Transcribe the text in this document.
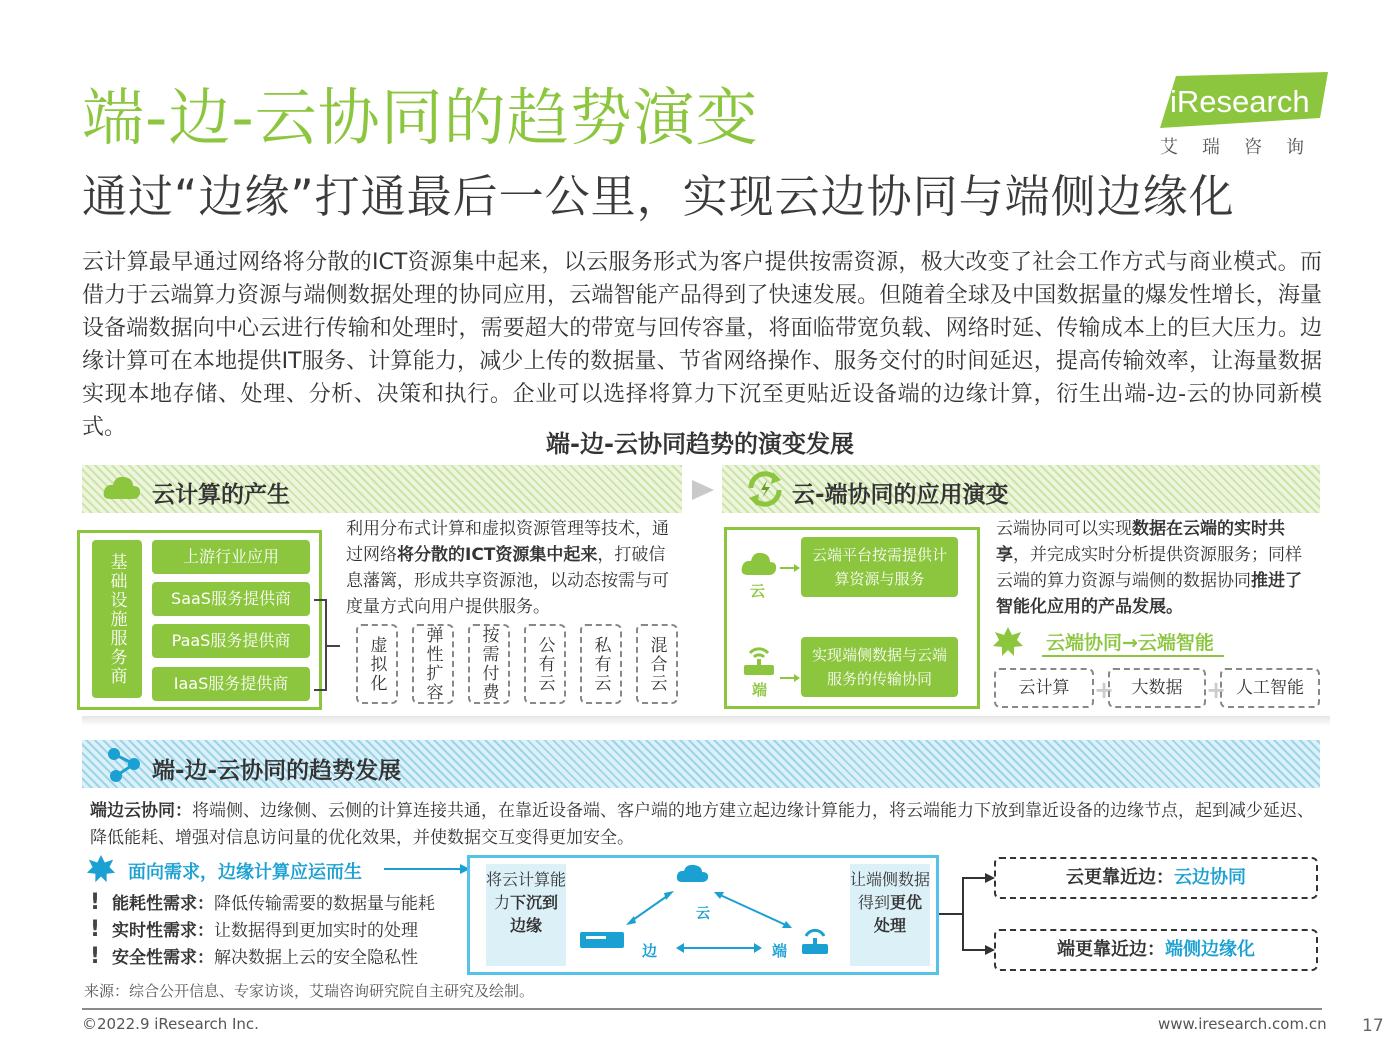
端-边-云协同的趋势演变
通过“边缘”打通最后一公里，实现云边协同与端侧边缘化
iResearch
艾瑞咨询
云计算最早通过网络将分散的ICT资源集中起来，以云服务形式为客户提供按需资源，极大改变了社会工作方式与商业模式。而借力于云端算力资源与端侧数据处理的协同应用，云端智能产品得到了快速发展。但随着全球及中国数据量的爆发性增长，海量设备端数据向中心云进行传输和处理时，需要超大的带宽与回传容量，将面临带宽负载、网络时延、传输成本上的巨大压力。边缘计算可在本地提供IT服务、计算能力，减少上传的数据量、节省网络操作、服务交付的时间延迟，提高传输效率，让海量数据实现本地存储、处理、分析、决策和执行。企业可以选择将算力下沉至更贴近设备端的边缘计算，衍生出端-边-云的协同新模式。
端-边-云协同趋势的演变发展
云计算的产生	云-端协同的应用演变
基础设施服务商	上游行业应用
SaaS服务提供商
PaaS服务提供商
IaaS服务提供商
利用分布式计算和虚拟资源管理等技术，通过网络将分散的ICT资源集中起来，打破信息藩篱，形成共享资源池，以动态按需与可度量方式向用户提供服务。
虚拟化	弹性扩容	按需付费	公有云	私有云	混合云
云
端
云端平台按需提供计算资源与服务
实现端侧数据与云端服务的传输协同
云端协同可以实现数据在云端的实时共享，并完成实时分析提供资源服务；同样云端的算力资源与端侧的数据协同推进了智能化应用的产品发展。
云端协同→云端智能
云计算	+	大数据 + 人工智能
端-边-云协同的趋势发展
端边云协同：将端侧、边缘侧、云侧的计算连接共通，在靠近设备端、客户端的地方建立起边缘计算能力，将云端能力下放到靠近设备的边缘节点，起到减少延迟、降低能耗、增强对信息访问量的优化效果，并使数据交互变得更加安全。
面向需求，边缘计算应运而生
! 能耗性需求：降低传输需要的数据量与能耗
! 实时性需求：让数据得到更加实时的处理
! 安全性需求：解决数据上云的安全隐私性
将云计算能力下沉到边缘
让端侧数据得到更优处理
云
边	端
云更靠近边：云边协同
端更靠近边：端侧边缘化
来源：综合公开信息、专家访谈，艾瑞咨询研究院自主研究及绘制。
©2022.9 iResearch Inc.	www.iresearch.com.cn 17
